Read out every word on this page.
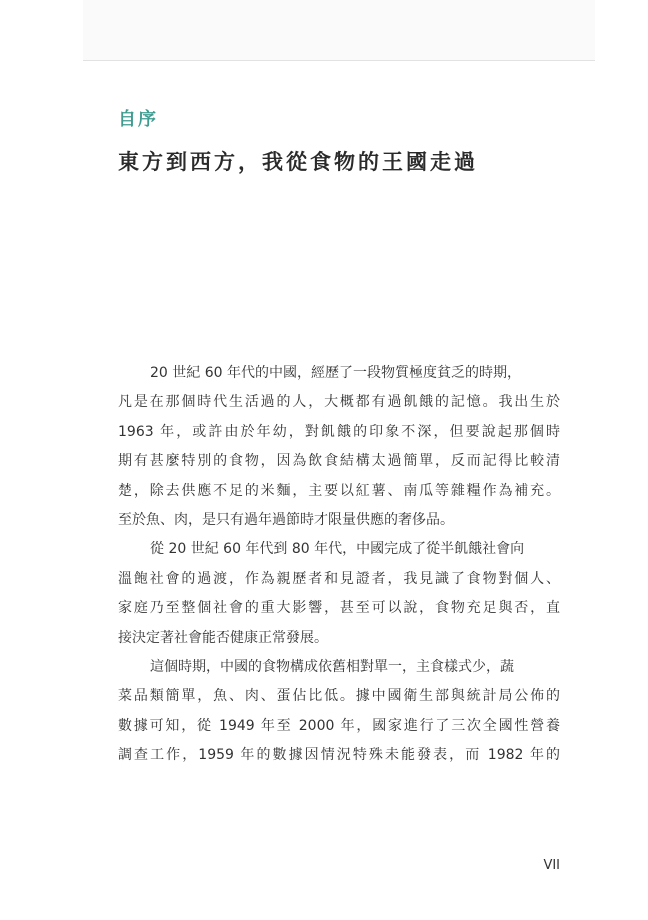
自序
東方到西方，我從食物的王國走過
20 世紀 60 年代的中國，經歷了一段物質極度貧乏的時期，
凡是在那個時代生活過的人，大概都有過飢餓的記憶。我出生於
1963 年，或許由於年幼，對飢餓的印象不深，但要說起那個時
期有甚麼特別的食物，因為飲食結構太過簡單，反而記得比較清
楚，除去供應不足的米麵，主要以紅薯、南瓜等雜糧作為補充。
至於魚、肉，是只有過年過節時才限量供應的奢侈品。
從 20 世紀 60 年代到 80 年代，中國完成了從半飢餓社會向
溫飽社會的過渡，作為親歷者和見證者，我見識了食物對個人、
家庭乃至整個社會的重大影響，甚至可以說，食物充足與否，直
接決定著社會能否健康正常發展。
這個時期，中國的食物構成依舊相對單一，主食樣式少，蔬
菜品類簡單，魚、肉、蛋佔比低。據中國衛生部與統計局公佈的
數據可知，從 1949 年至 2000 年，國家進行了三次全國性營養
調查工作，1959 年的數據因情況特殊未能發表，而 1982 年的
VII
